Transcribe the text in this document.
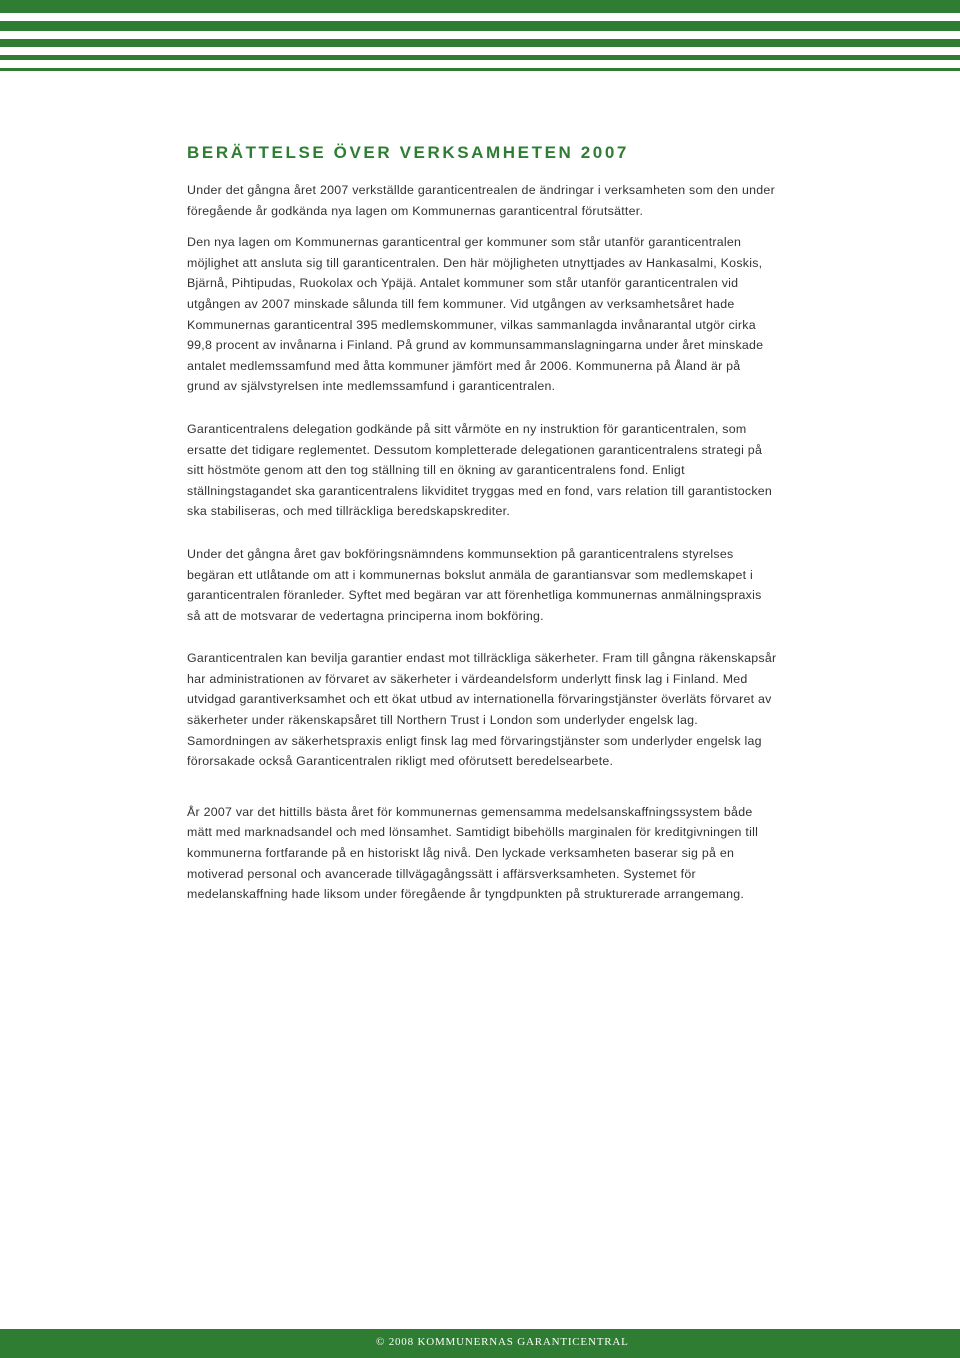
BERÄTTELSE ÖVER VERKSAMHETEN 2007

Under det gångna året 2007 verkställde garanticentrealen de ändringar i verksamheten som den under föregående år godkända nya lagen om Kommunernas garanticentral förutsätter.

Den nya lagen om Kommunernas garanticentral ger kommuner som står utanför garanticentralen möjlighet att ansluta sig till garanticentralen. Den här möjligheten utnyttjades av Hankasalmi, Koskis, Bjärnå, Pihtipudas, Ruokolax och Ypäjä. Antalet kommuner som står utanför garanticentralen vid utgången av 2007 minskade sålunda till fem kommuner. Vid utgången av verksamhetsåret hade Kommunernas garanticentral 395 medlemskommuner, vilkas sammanlagda invånarantal utgör cirka 99,8 procent av invånarna i Finland. På grund av kommunsammanslagningarna under året minskade antalet medlemssamfund med åtta kommuner jämfört med år 2006. Kommunerna på Åland är på grund av självstyrelsen inte medlemssamfund i garanticentralen.

Garanticentralens delegation godkände på sitt vårmöte en ny instruktion för garanticentralen, som ersatte det tidigare reglementet. Dessutom kompletterade delegationen garanticentralens strategi på sitt höstmöte genom att den tog ställning till en ökning av garanticentralens fond. Enligt ställningstagandet ska garanticentralens likviditet tryggas med en fond, vars relation till garantistocken ska stabiliseras, och med tillräckliga beredskapskrediter.

Under det gångna året gav bokföringsnämndens kommunsektion på garanticentralens styrelses begäran ett utlåtande om att i kommunernas bokslut anmäla de garantiansvar som medlemskapet i garanticentralen föranleder. Syftet med begäran var att förenhetliga kommunernas anmälningspraxis så att de motsvarar de vedertagna principerna inom bokföring.

Garanticentralen kan bevilja garantier endast mot tillräckliga säkerheter. Fram till gångna räkenskapsår har administrationen av förvaret av säkerheter i värdeandelsform underlytt finsk lag i Finland. Med utvidgad garantiverksamhet och ett ökat utbud av internationella förvaringstjänster överläts förvaret av säkerheter under räkenskapsåret till Northern Trust i London som underlyder engelsk lag. Samordningen av säkerhetspraxis enligt finsk lag med förvaringstjänster som underlyder engelsk lag förorsakade också Garanticentralen rikligt med oförutsett beredelsearbete.

År 2007 var det hittills bästa året för kommunernas gemensamma medelsanskaffningssystem både mätt med marknadsandel och med lönsamhet. Samtidigt bibehölls marginalen för kreditgivningen till kommunerna fortfarande på en historiskt låg nivå. Den lyckade verksamheten baserar sig på en motiverad personal och avancerade tillvägagångssätt i affärsverksamheten. Systemet för medelanskaffning hade liksom under föregående år tyngdpunkten på strukturerade arrangemang.

© 2008 KOMMUNERNAS GARANTICENTRAL
